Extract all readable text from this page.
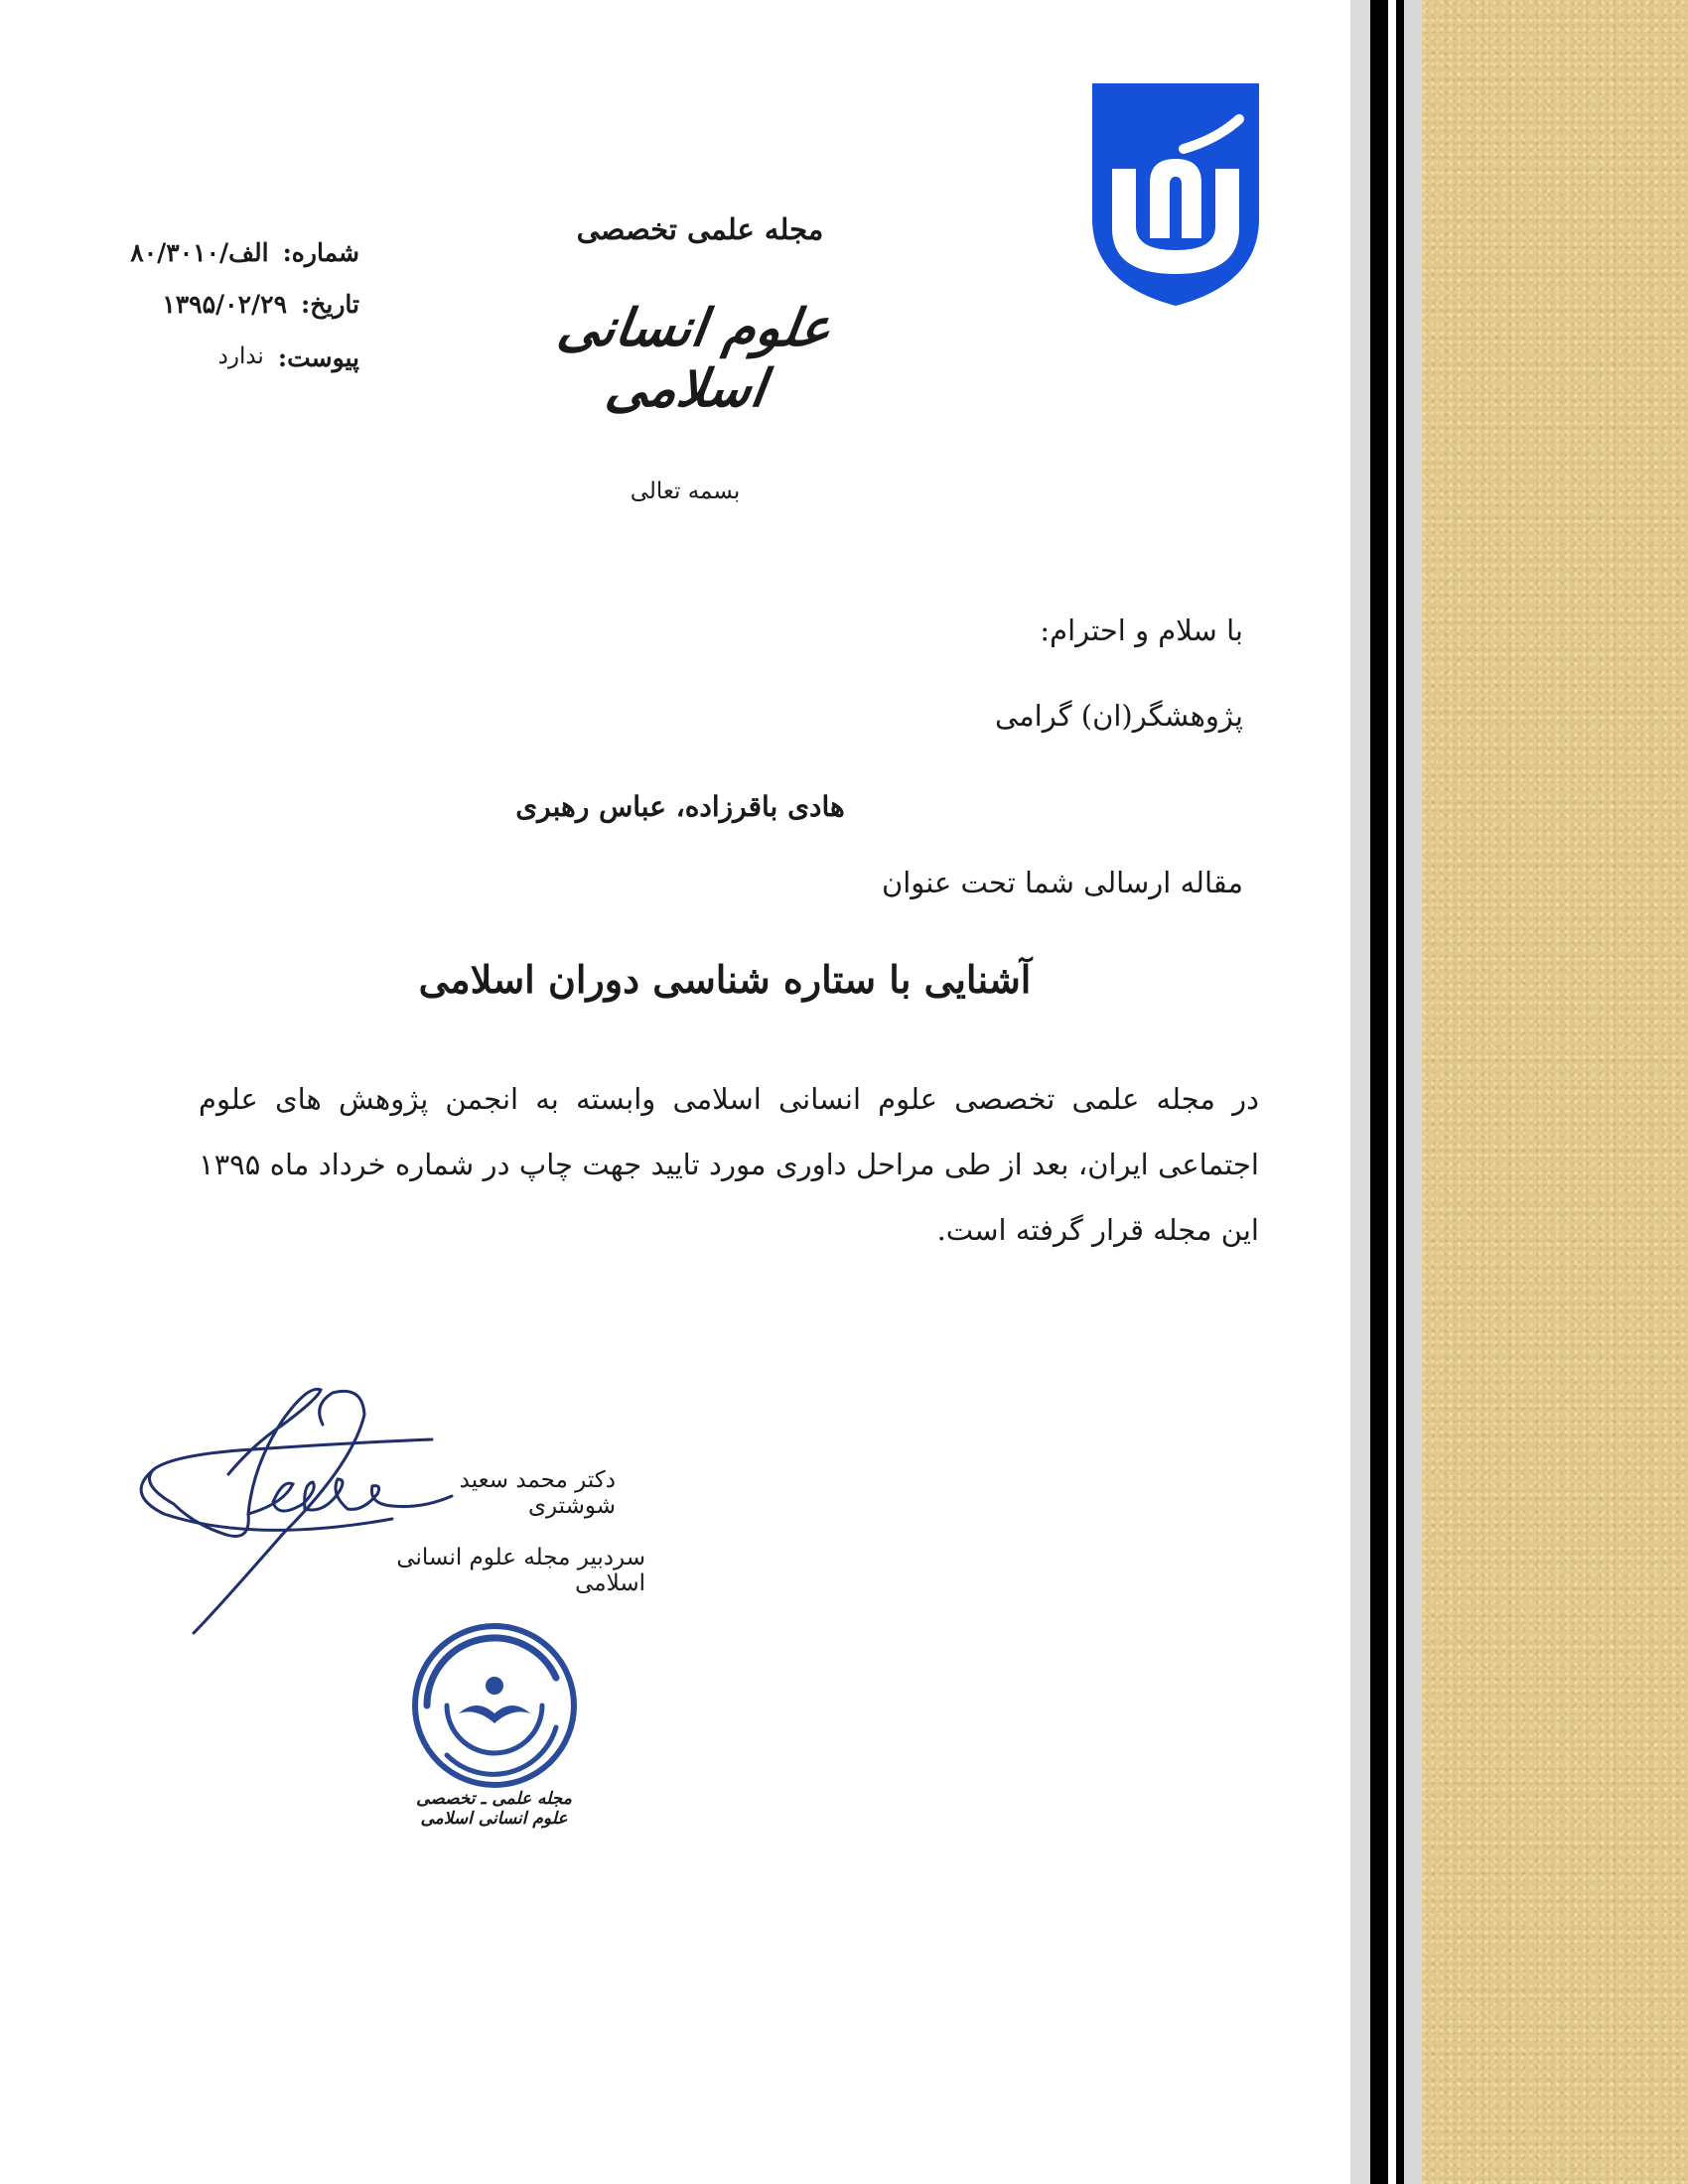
مجله علمی تخصصی
علوم انسانی اسلامی
شماره:
الف/۸۰/۳۰۱۰
تاریخ:
۱۳۹۵/۰۲/۲۹
پیوست:
ندارد
بسمه تعالی
با سلام و احترام:
پژوهشگر(ان) گرامی
هادی باقرزاده، عباس رهبری
مقاله ارسالی شما تحت عنوان
آشنایی با ستاره شناسی دوران اسلامی
در مجله علمی تخصصی علوم انسانی اسلامی وابسته به انجمن پژوهش های علوم اجتماعی ایران، بعد از طی مراحل داوری مورد تایید جهت چاپ در شماره خرداد ماه ۱۳۹۵ این مجله قرار گرفته است.
دکتر محمد سعید شوشتری
سردبیر مجله علوم انسانی اسلامی
مجله علمی ـ تخصصی علوم انسانی اسلامی
